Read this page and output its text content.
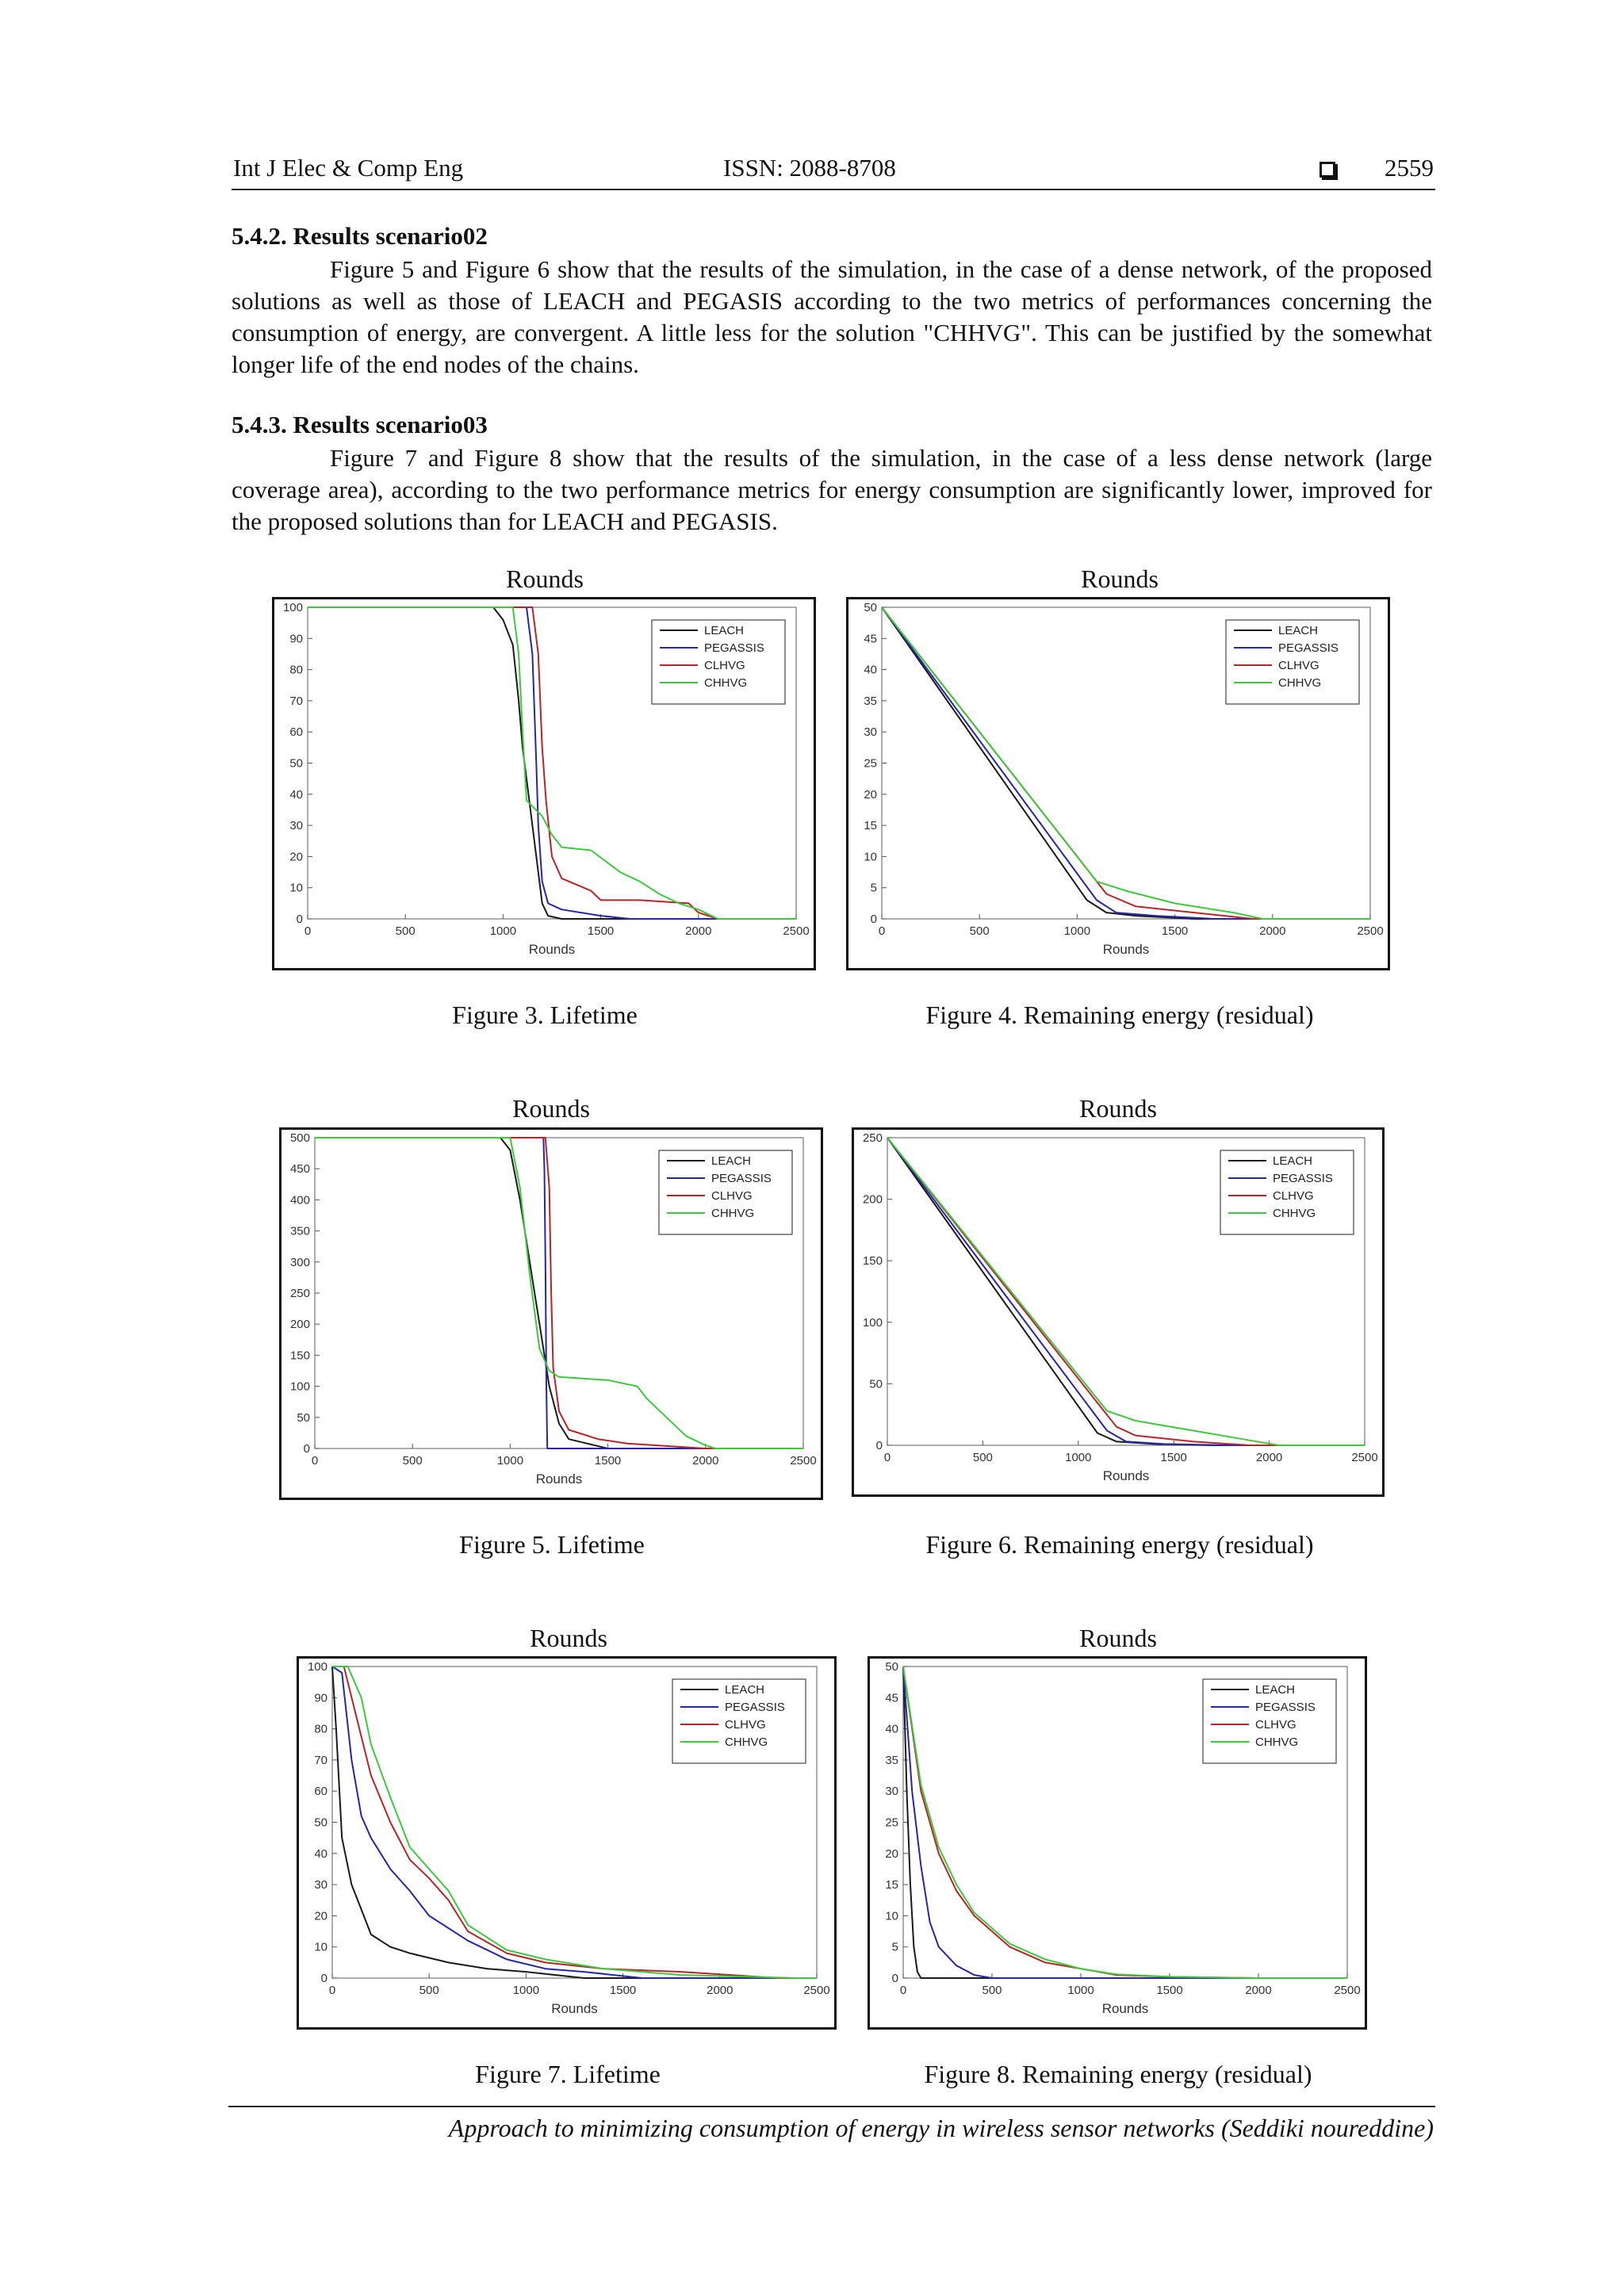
Int J Elec & Comp Eng	ISSN: 2088-8708	2559
5.4.2. Results scenario02
Figure 5 and Figure 6 show that the results of the simulation, in the case of a dense network, of the proposed solutions as well as those of LEACH and PEGASIS according to the two metrics of performances concerning the consumption of energy, are convergent. A little less for the solution "CHHVG". This can be justified by the somewhat longer life of the end nodes of the chains.
5.4.3. Results scenario03
Figure 7 and Figure 8 show that the results of the simulation, in the case of a less dense network (large coverage area), according to the two performance metrics for energy consumption are significantly lower, improved for the proposed solutions than for LEACH and PEGASIS.
Rounds	Rounds
0
10
20
30
40
50
60
70
80
90
100
0	500	1000	1500	2000	2500
Rounds
LEACH
PEGASSIS
CLHVG
CHHVG
0
5
10
15
20
25
30
35
40
45
50
0	500	1000	1500	2000	2500
Rounds
LEACH
PEGASSIS
CLHVG
CHHVG
Figure 3. Lifetime	Figure 4. Remaining energy (residual)
Rounds	Rounds
0
50
100
150
200
250
300
350
400
450
500
0	500	1000	1500	2000	2500
Rounds
LEACH
PEGASSIS
CLHVG
CHHVG
0
50
100
150
200
250
0	500	1000	1500	2000	2500
Rounds
LEACH
PEGASSIS
CLHVG
CHHVG
Figure 5. Lifetime	Figure 6. Remaining energy (residual)
Rounds	Rounds
0
10
20
30
40
50
60
70
80
90
100
0	500	1000	1500	2000	2500
Rounds
LEACH
PEGASSIS
CLHVG
CHHVG
0
5
10
15
20
25
30
35
40
45
50
0	500	1000	1500	2000	2500
Rounds
LEACH
PEGASSIS
CLHVG
CHHVG
Figure 7. Lifetime	Figure 8. Remaining energy (residual)
Approach to minimizing consumption of energy in wireless sensor networks (Seddiki noureddine)
